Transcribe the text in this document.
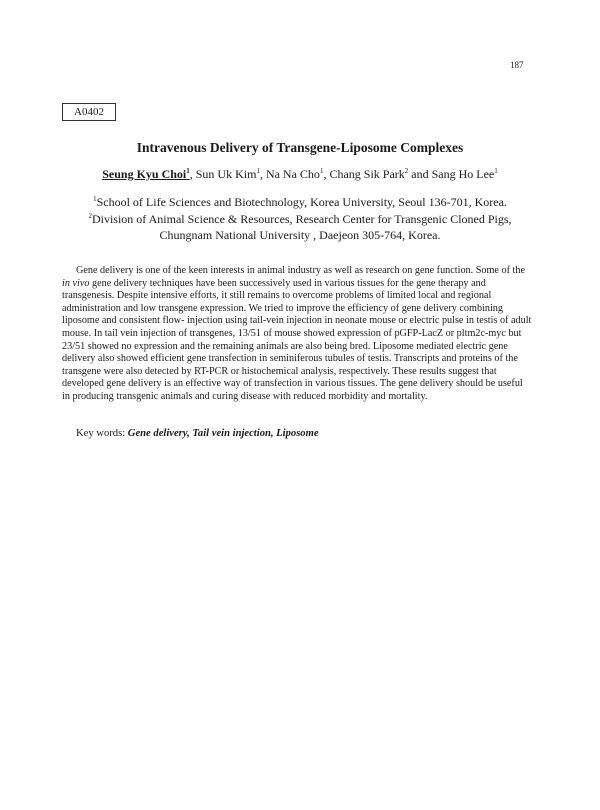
187
A0402
Intravenous Delivery of Transgene-Liposome Complexes
Seung Kyu Choi$^1$, Sun Uk Kim$^1$, Na Na Cho$^1$, Chang Sik Park$^2$ and Sang Ho Lee$^1$
$^1$School of Life Sciences and Biotechnology, Korea University, Seoul 136-701, Korea.
$^2$Division of Animal Science & Resources, Research Center for Transgenic Cloned Pigs,
Chungnam National University , Daejeon 305-764, Korea.

Gene delivery is one of the keen interests in animal industry as well as research on gene function. Some of the in vivo gene delivery techniques have been successively used in various tissues for the gene therapy and transgenesis. Despite intensive efforts, it still remains to overcome problems of limited local and regional administration and low transgene expression. We tried to improve the efficiency of gene delivery combining liposome and consistent flow- injection using tail-vein injection in neonate mouse or electric pulse in testis of adult mouse. In tail vein injection of transgenes, 13/51 of mouse showed expression of pGFP-LacZ or pltm2c-myc but 23/51 showed no expression and the remaining animals are also being bred. Liposome mediated electric gene delivery also showed efficient gene transfection in seminiferous tubules of testis. Transcripts and proteins of the transgene were also detected by RT-PCR or histochemical analysis, respectively. These results suggest that developed gene delivery is an effective way of transfection in various tissues. The gene delivery should be useful in producing transgenic animals and curing disease with reduced morbidity and mortality.

Key words: Gene delivery, Tail vein injection, Liposome
